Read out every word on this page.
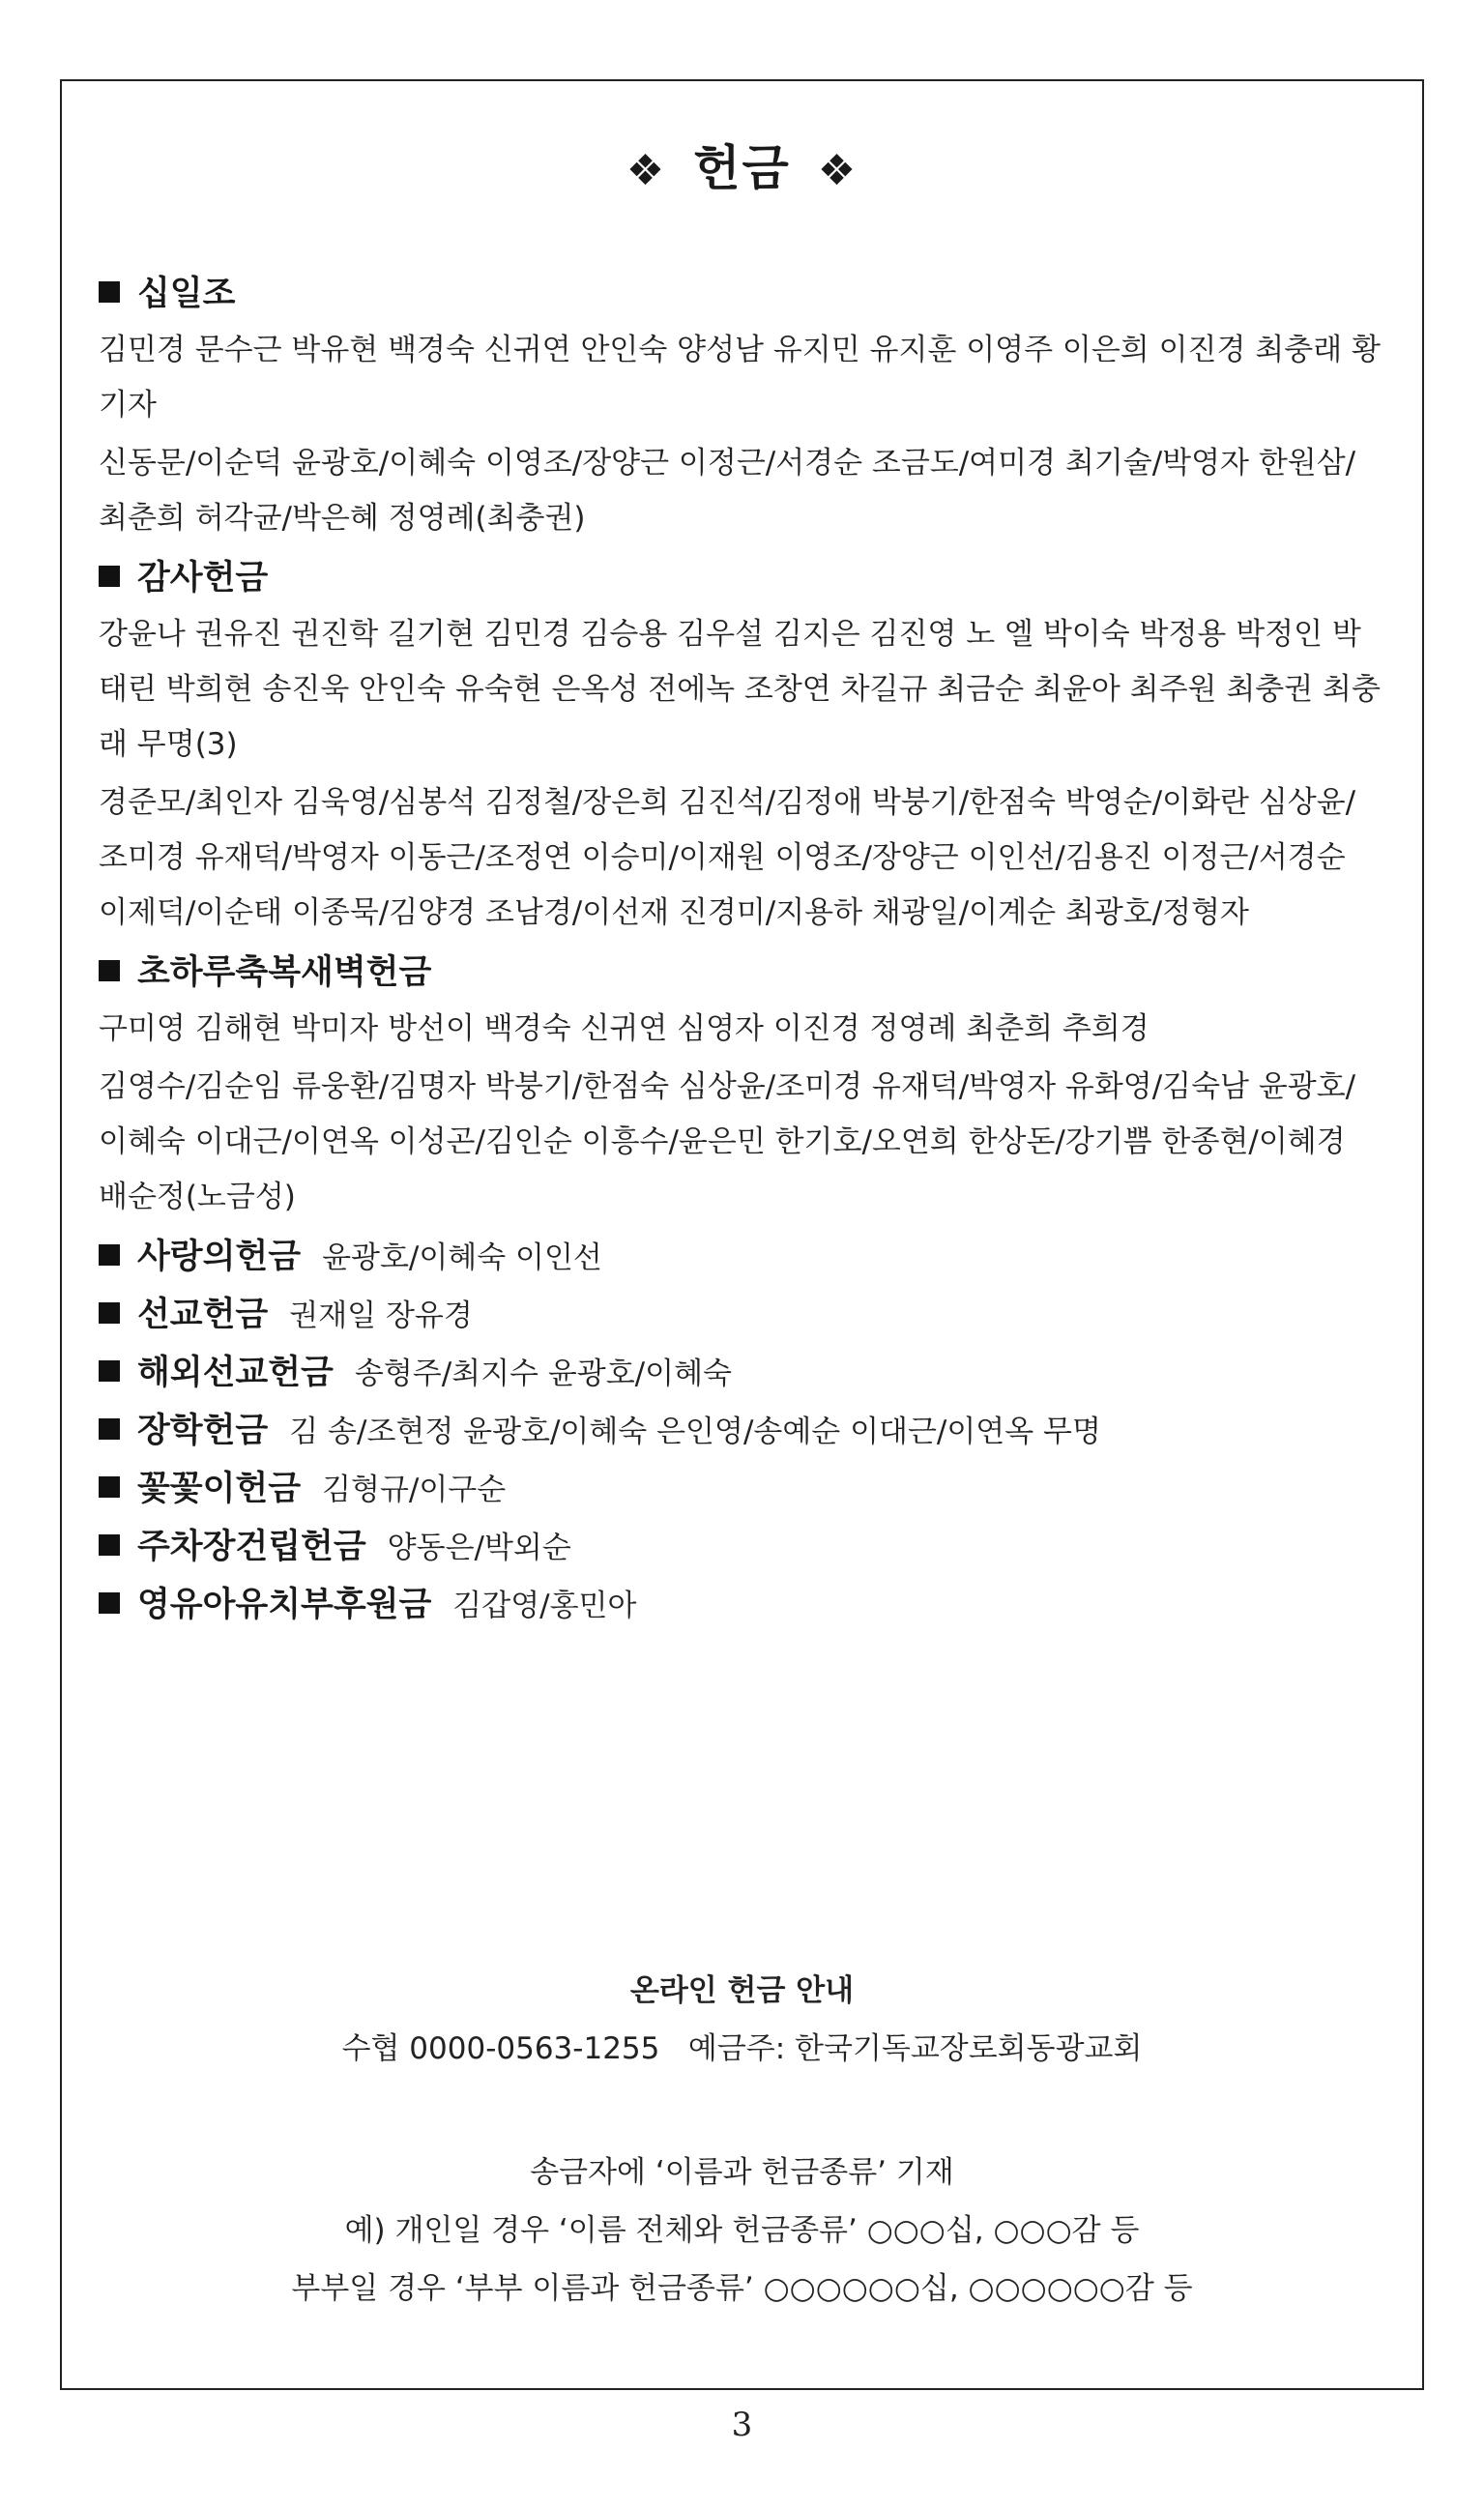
❖ 헌금 ❖
십일조
김민경 문수근 박유현 백경숙 신귀연 안인숙 양성남 유지민 유지훈 이영주 이은희 이진경 최충래 황기자
신동문/이순덕 윤광호/이혜숙 이영조/장양근 이정근/서경순 조금도/여미경 최기술/박영자 한원삼/최춘희 허각균/박은혜 정영례(최충권)
감사헌금
강윤나 권유진 권진학 길기현 김민경 김승용 김우설 김지은 김진영 노 엘 박이숙 박정용 박정인 박태린 박희현 송진욱 안인숙 유숙현 은옥성 전에녹 조창연 차길규 최금순 최윤아 최주원 최충권 최충래 무명(3)
경준모/최인자 김욱영/심봉석 김정철/장은희 김진석/김정애 박붕기/한점숙 박영순/이화란 심상윤/조미경 유재덕/박영자 이동근/조정연 이승미/이재원 이영조/장양근 이인선/김용진 이정근/서경순 이제덕/이순태 이종묵/김양경 조남경/이선재 진경미/지용하 채광일/이계순 최광호/정형자
초하루축복새벽헌금
구미영 김해현 박미자 방선이 백경숙 신귀연 심영자 이진경 정영례 최춘희 추희경
김영수/김순임 류웅환/김명자 박붕기/한점숙 심상윤/조미경 유재덕/박영자 유화영/김숙남 윤광호/이혜숙 이대근/이연옥 이성곤/김인순 이흥수/윤은민 한기호/오연희 한상돈/강기쁨 한종현/이혜경 배순정(노금성)
사랑의헌금 윤광호/이혜숙 이인선
선교헌금 권재일 장유경
해외선교헌금 송형주/최지수 윤광호/이혜숙
장학헌금 김 송/조현정 윤광호/이혜숙 은인영/송예순 이대근/이연옥 무명
꽃꽃이헌금 김형규/이구순
주차장건립헌금 양동은/박외순
영유아유치부후원금 김갑영/홍민아
온라인 헌금 안내
수협 0000-0563-1255   예금주: 한국기독교장로회동광교회
송금자에 ‘이름과 헌금종류’ 기재
예) 개인일 경우 ‘이름 전체와 헌금종류’ ○○○십, ○○○감 등
부부일 경우 ‘부부 이름과 헌금종류’ ○○○○○○십, ○○○○○○감 등
3
